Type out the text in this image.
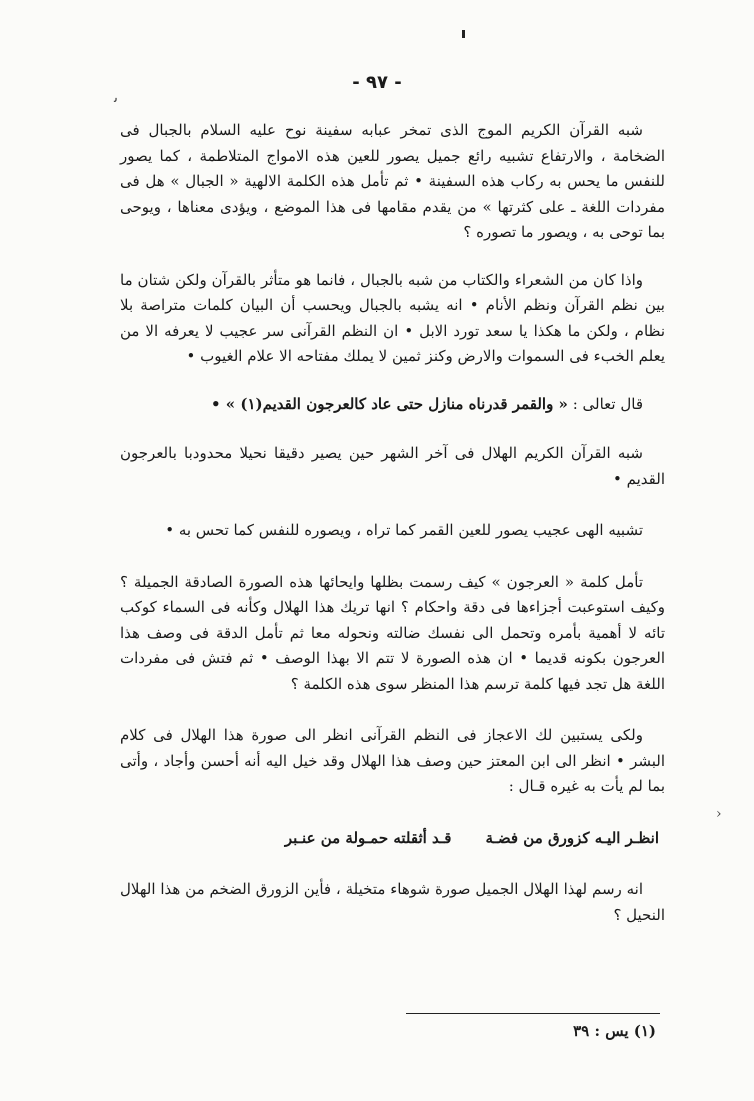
ﯨ
›
- ٩٧ -

شبه القرآن الكريم الموج الذى تمخر عبابه سفينة نوح عليه السلام بالجبال فى الضخامة ، والارتفاع تشبيه رائع جميل يصور للعين هذه الامواج المتلاطمة ، كما يصور للنفس ما يحس به ركاب هذه السفينة • ثم تأمل هذه الكلمة الالهية « الجبال » هل فى مفردات اللغة ـ على كثرتها » من يقدم مقامها فى هذا الموضع ، ويؤدى معناها ، ويوحى بما توحى به ، ويصور ما تصوره ؟

واذا كان من الشعراء والكتاب من شبه بالجبال ، فانما هو متأثر بالقرآن ولكن شتان ما بين نظم القرآن ونظم الأنام • انه يشبه بالجبال ويحسب أن البيان كلمات متراصة بلا نظام ، ولكن ما هكذا يا سعد تورد الابل • ان النظم القرآنى سر عجيب لا يعرفه الا من يعلم الخبء فى السموات والارض وكنز ثمين لا يملك مفتاحه الا علام الغيوب •

قال تعالى : « والقمر قدرناه منازل حتى عاد كالعرجون القديم(١) » •

شبه القرآن الكريم الهلال فى آخر الشهر حين يصير دقيقا نحيلا محدودبا بالعرجون القديم •

تشبيه الهى عجيب يصور للعين القمر كما تراه ، ويصوره للنفس كما تحس به •

تأمل كلمة « العرجون » كيف رسمت بظلها وايحائها هذه الصورة الصادقة الجميلة ؟ وكيف استوعبت أجزاءها فى دقة واحكام ؟ انها تريك هذا الهلال وكأنه فى السماء كوكب تائه لا أهمية بأمره وتحمل الى نفسك ضالته ونحوله معا ثم تأمل الدقة فى وصف هذا العرجون بكونه قديما • ان هذه الصورة لا تتم الا بهذا الوصف • ثم فتش فى مفردات اللغة هل تجد فيها كلمة ترسم هذا المنظر سوى هذه الكلمة ؟

ولكى يستبين لك الاعجاز فى النظم القرآنى انظر الى صورة هذا الهلال فى كلام البشر • انظر الى ابن المعتز حين وصف هذا الهلال وقد خيل اليه أنه أحسن وأجاد ، وأتى بما لم يأت به غيره قـال :

انظـر اليـه كزورق من فضـة
قـد أثقلته حمـولة من عنـبر

انه رسم لهذا الهلال الجميل صورة شوهاء متخيلة ، فأين الزورق الضخم من هذا الهلال النحيل ؟

(١) يس : ٣٩
